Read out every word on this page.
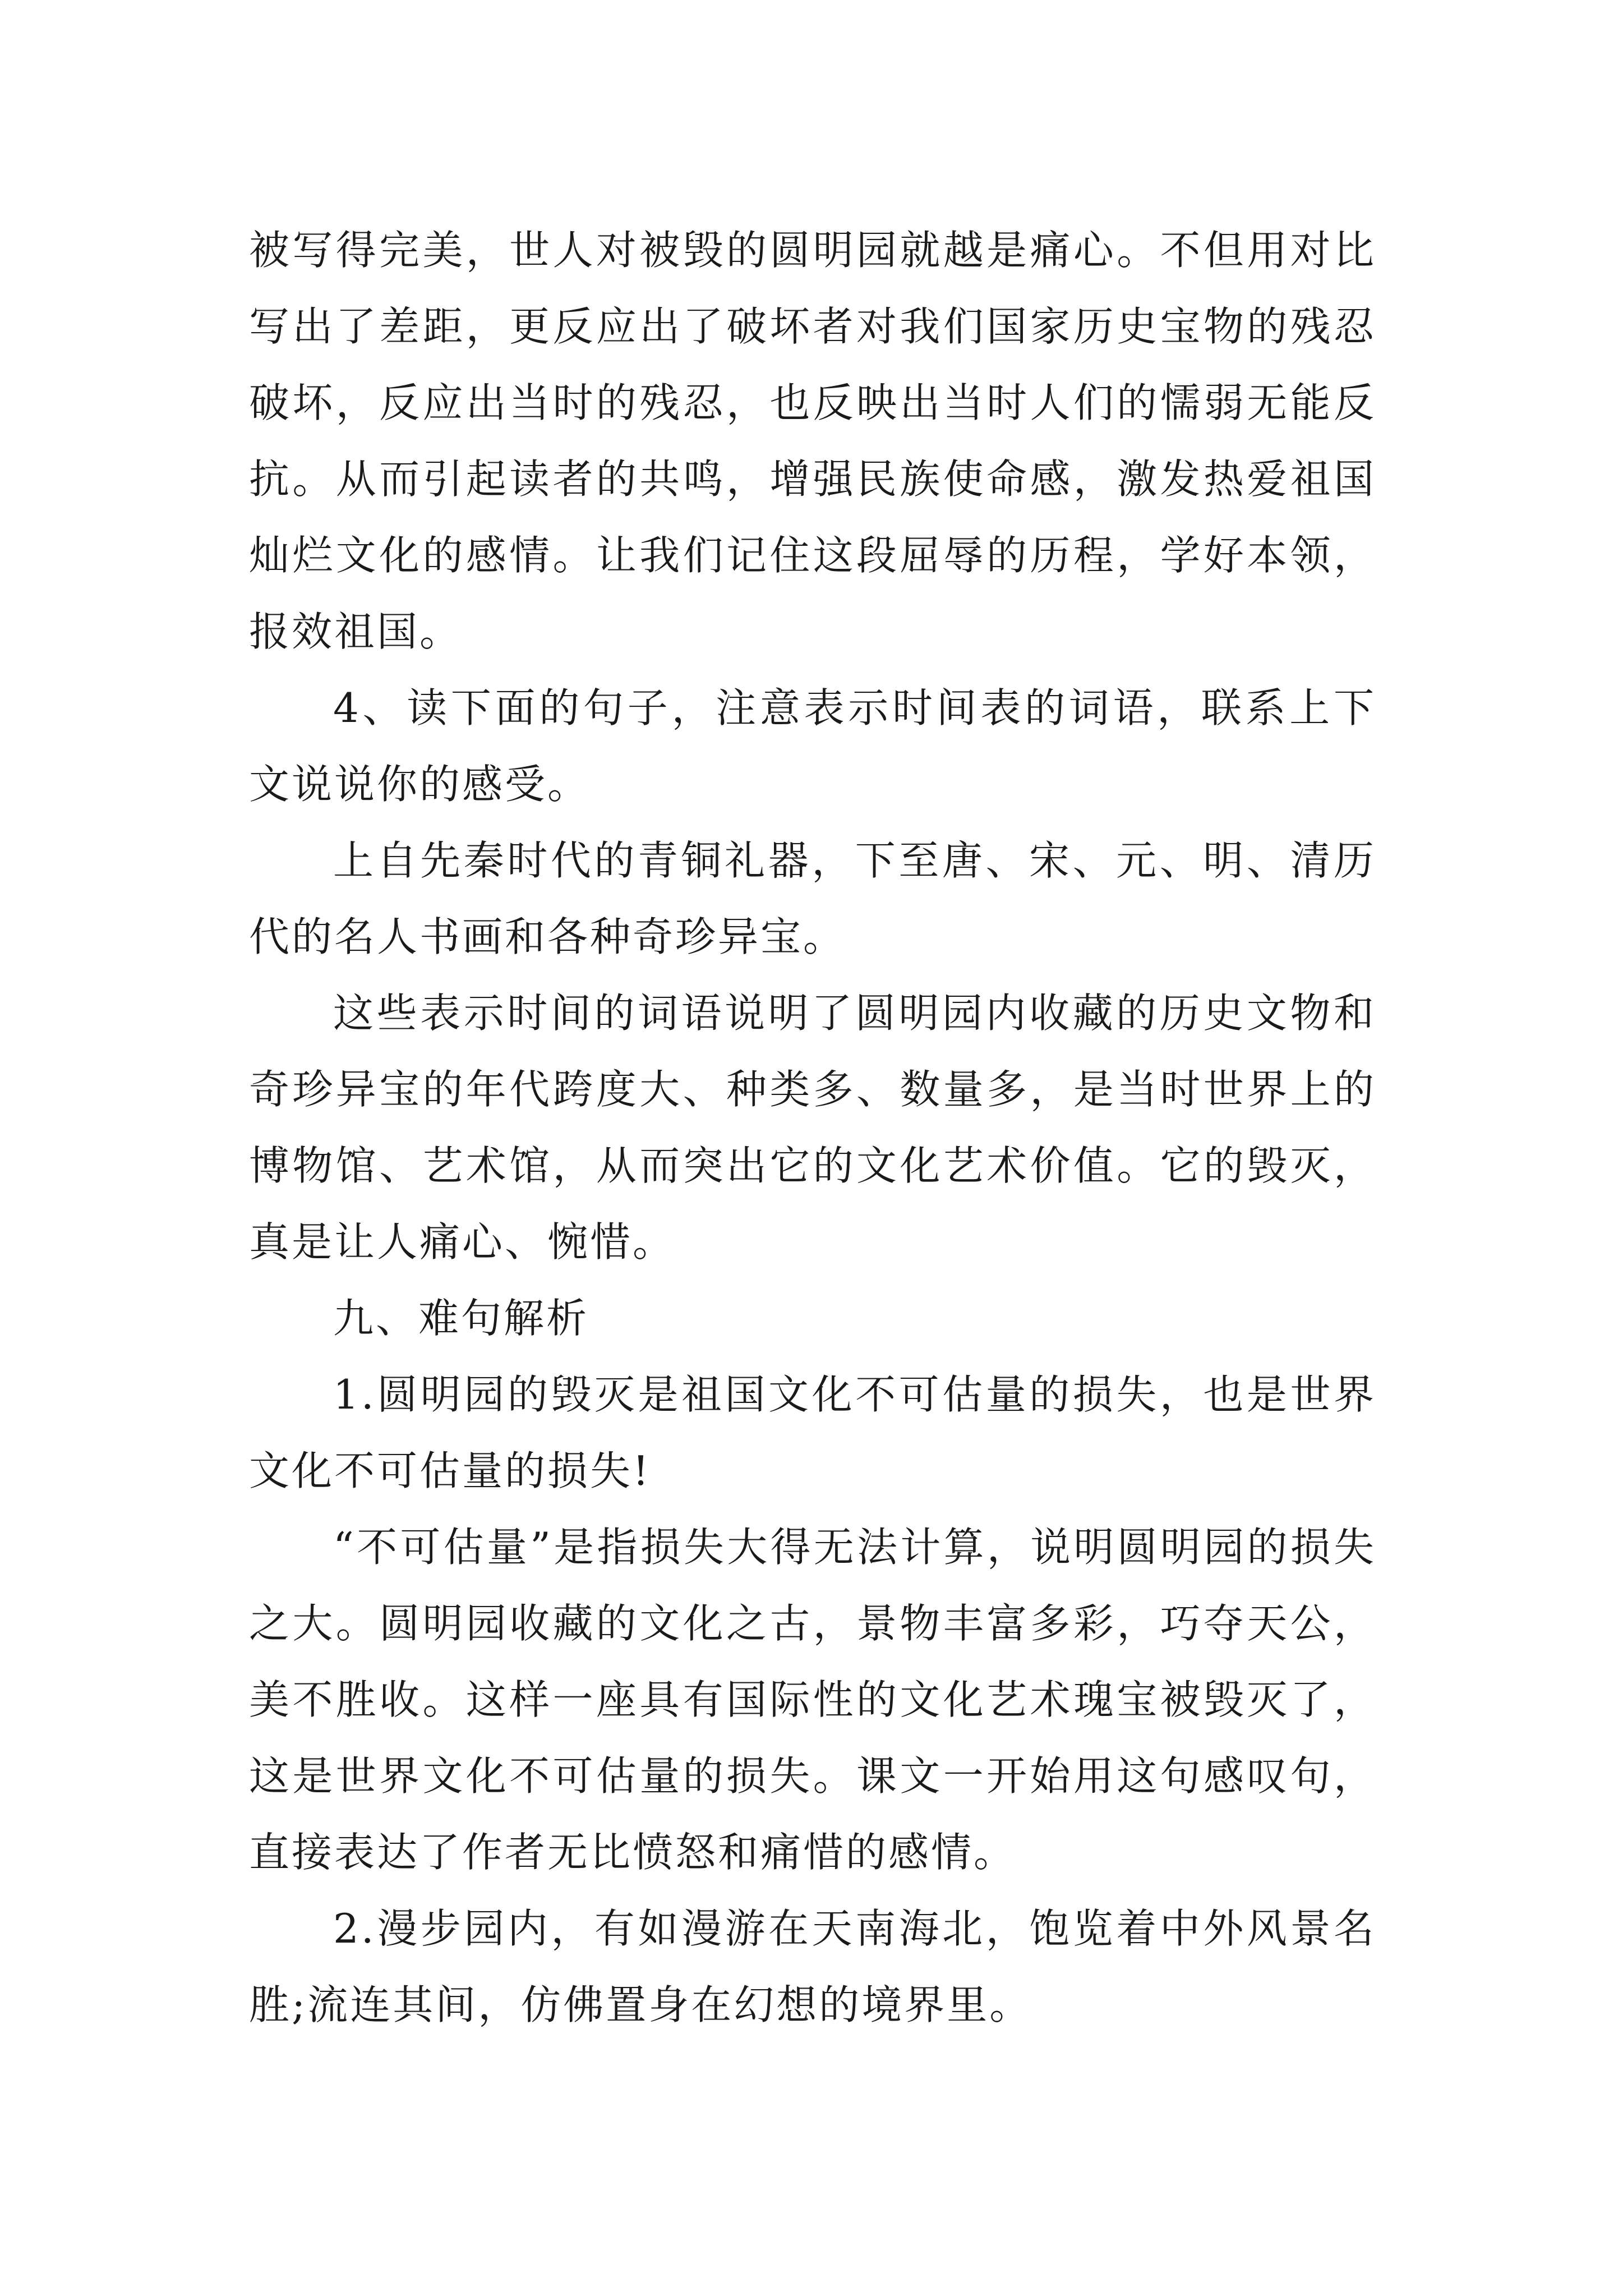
被写得完美，世人对被毁的圆明园就越是痛心。不但用对比写出了差距，更反应出了破坏者对我们国家历史宝物的残忍破坏，反应出当时的残忍，也反映出当时人们的懦弱无能反抗。从而引起读者的共鸣，增强民族使命感，激发热爱祖国灿烂文化的感情。让我们记住这段屈辱的历程，学好本领，报效祖国。

4、读下面的句子，注意表示时间表的词语，联系上下文说说你的感受。

上自先秦时代的青铜礼器，下至唐、宋、元、明、清历代的名人书画和各种奇珍异宝。

这些表示时间的词语说明了圆明园内收藏的历史文物和奇珍异宝的年代跨度大、种类多、数量多，是当时世界上的博物馆、艺术馆，从而突出它的文化艺术价值。它的毁灭，真是让人痛心、惋惜。

九、难句解析

1.圆明园的毁灭是祖国文化不可估量的损失，也是世界文化不可估量的损失!

“不可估量”是指损失大得无法计算，说明圆明园的损失之大。圆明园收藏的文化之古，景物丰富多彩，巧夺天公，美不胜收。这样一座具有国际性的文化艺术瑰宝被毁灭了，这是世界文化不可估量的损失。课文一开始用这句感叹句，直接表达了作者无比愤怒和痛惜的感情。

2.漫步园内，有如漫游在天南海北，饱览着中外风景名胜;流连其间，仿佛置身在幻想的境界里。
